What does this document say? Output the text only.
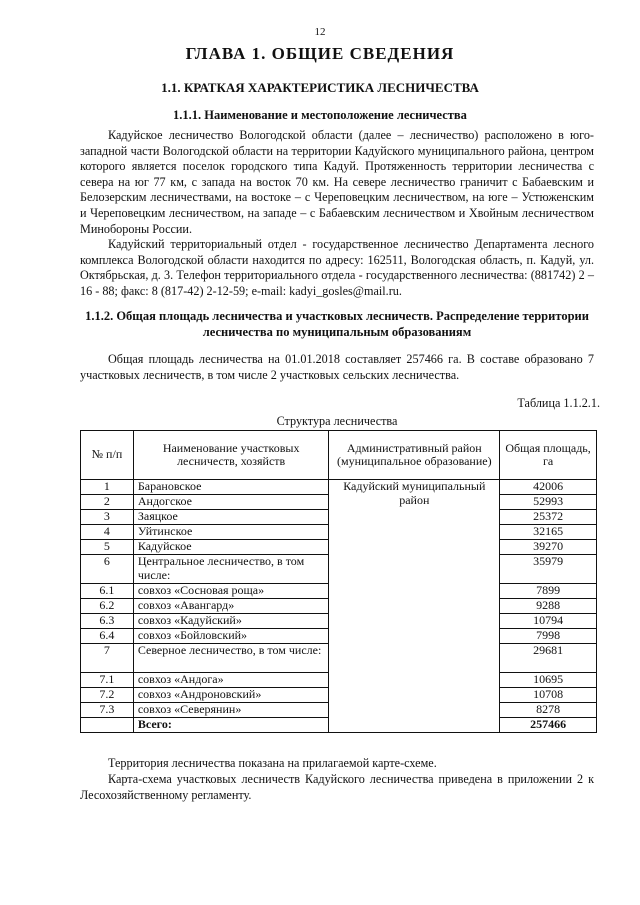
12
ГЛАВА 1. ОБЩИЕ СВЕДЕНИЯ
1.1. КРАТКАЯ ХАРАКТЕРИСТИКА ЛЕСНИЧЕСТВА
1.1.1. Наименование и местоположение лесничества

Кадуйское лесничество Вологодской области (далее – лесничество) расположено в юго-западной части Вологодской области на территории Кадуйского муниципального района, центром которого является поселок городского типа Кадуй. Протяженность территории лесничества с севера на юг 77 км, с запада на восток 70 км. На севере лесничество граничит с Бабаевским и Белозерским лесничествами, на востоке – с Череповецким лесничеством, на юге – Устюженским и Череповецким лесничеством, на западе – с Бабаевским лесничеством и Хвойным лесничеством Минобороны России.

Кадуйский территориальный отдел - государственное лесничество Департамента лесного комплекса Вологодской области находится по адресу: 162511, Вологодская область, п. Кадуй, ул. Октябрьская, д. 3. Телефон территориального отдела - государственного лесничества: (881742) 2 – 16 - 88; факс: 8 (817-42) 2-12-59; e-mail: kadyi_gosles@mail.ru.

1.1.2. Общая площадь лесничества и участковых лесничеств. Распределение территории лесничества по муниципальным образованиям

Общая площадь лесничества на 01.01.2018 составляет 257466 га. В составе образовано 7 участковых лесничеств, в том числе 2 участковых сельских лесничества.

Таблица 1.1.2.1.
Структура лесничества
№ п/п	Наименование участковых лесничеств, хозяйств	Административный район (муниципальное образование)	Общая площадь, га
1	Барановское	Кадуйский муниципальный район	42006
2	Андогское		52993
3	Заяцкое		25372
4	Уйтинское		32165
5	Кадуйское		39270
6	Центральное лесничество, в том числе:		35979
6.1	совхоз «Сосновая роща»		7899
6.2	совхоз «Авангард»		9288
6.3	совхоз «Кадуйский»		10794
6.4	совхоз «Бойловский»		7998
7	Северное лесничество, в том числе:		29681
7.1	совхоз «Андога»		10695
7.2	совхоз «Андроновский»		10708
7.3	совхоз «Северянин»		8278
	Всего:		257466

Территория лесничества показана на прилагаемой карте-схеме.

Карта-схема участковых лесничеств Кадуйского лесничества приведена в приложении 2 к Лесохозяйственному регламенту.
